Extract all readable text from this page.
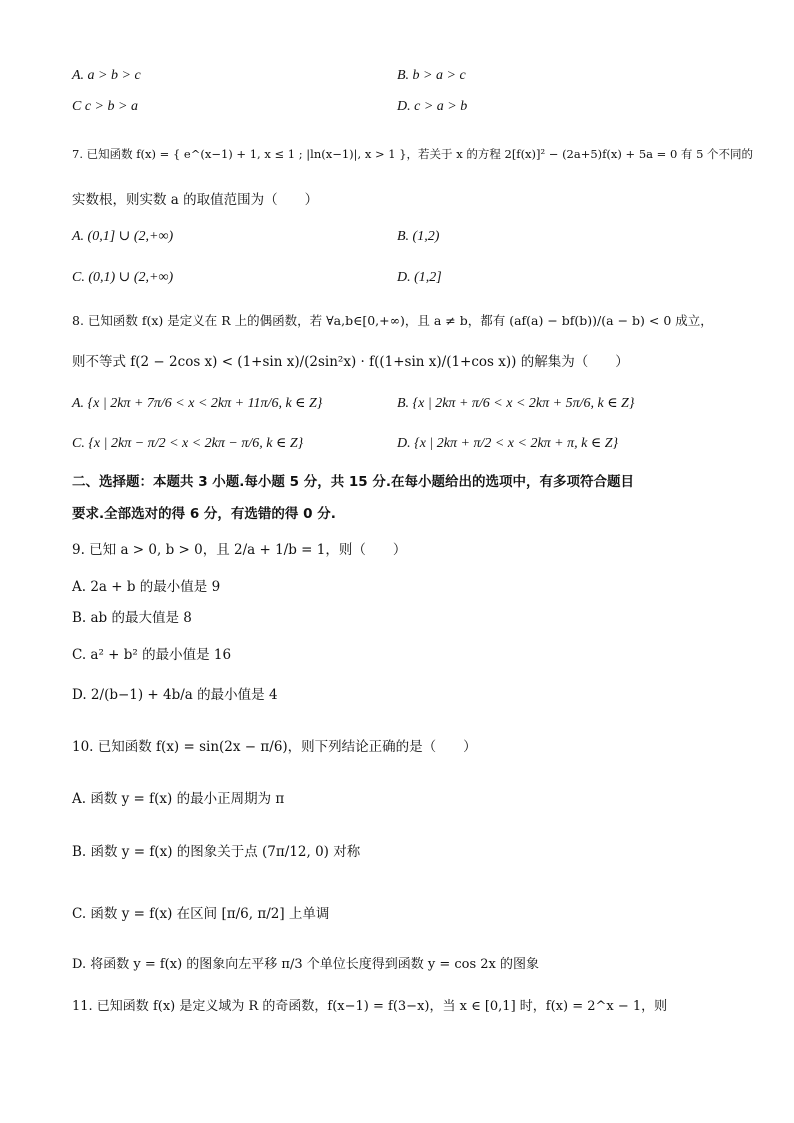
A. a > b > c	B. b > a > c
C c > b > a	D. c > a > b
7. 已知函数 f(x) = { e^(x−1) + 1, x ≤ 1 ; |ln(x−1)|, x > 1 }，若关于 x 的方程 2[f(x)]² − (2a+5)f(x) + 5a = 0 有 5 个不同的
实数根，则实数 a 的取值范围为（　　）
A. (0,1] ∪ (2,+∞)	B. (1,2)
C. (0,1) ∪ (2,+∞)	D. (1,2]
8. 已知函数 f(x) 是定义在 R 上的偶函数，若 ∀a,b∈[0,+∞)，且 a ≠ b，都有 (af(a) − bf(b))/(a − b) < 0 成立，
则不等式 f(2 − 2cos x) < (1+sin x)/(2sin²x) · f((1+sin x)/(1+cos x)) 的解集为（　　）
A. {x | 2kπ + 7π/6 < x < 2kπ + 11π/6, k ∈ Z}	B. {x | 2kπ + π/6 < x < 2kπ + 5π/6, k ∈ Z}
C. {x | 2kπ − π/2 < x < 2kπ − π/6, k ∈ Z}	D. {x | 2kπ + π/2 < x < 2kπ + π, k ∈ Z}
二、选择题：本题共 3 小题.每小题 5 分，共 15 分.在每小题给出的选项中，有多项符合题目
要求.全部选对的得 6 分，有选错的得 0 分.
9. 已知 a > 0, b > 0，且 2/a + 1/b = 1，则（　　）
A. 2a + b 的最小值是 9
B. ab 的最大值是 8
C. a² + b² 的最小值是 16
D. 2/(b−1) + 4b/a 的最小值是 4
10. 已知函数 f(x) = sin(2x − π/6)，则下列结论正确的是（　　）
A. 函数 y = f(x) 的最小正周期为 π
B. 函数 y = f(x) 的图象关于点 (7π/12, 0) 对称
C. 函数 y = f(x) 在区间 [π/6, π/2] 上单调
D. 将函数 y = f(x) 的图象向左平移 π/3 个单位长度得到函数 y = cos 2x 的图象
11. 已知函数 f(x) 是定义域为 R 的奇函数，f(x−1) = f(3−x)，当 x ∈ [0,1] 时，f(x) = 2^x − 1，则
